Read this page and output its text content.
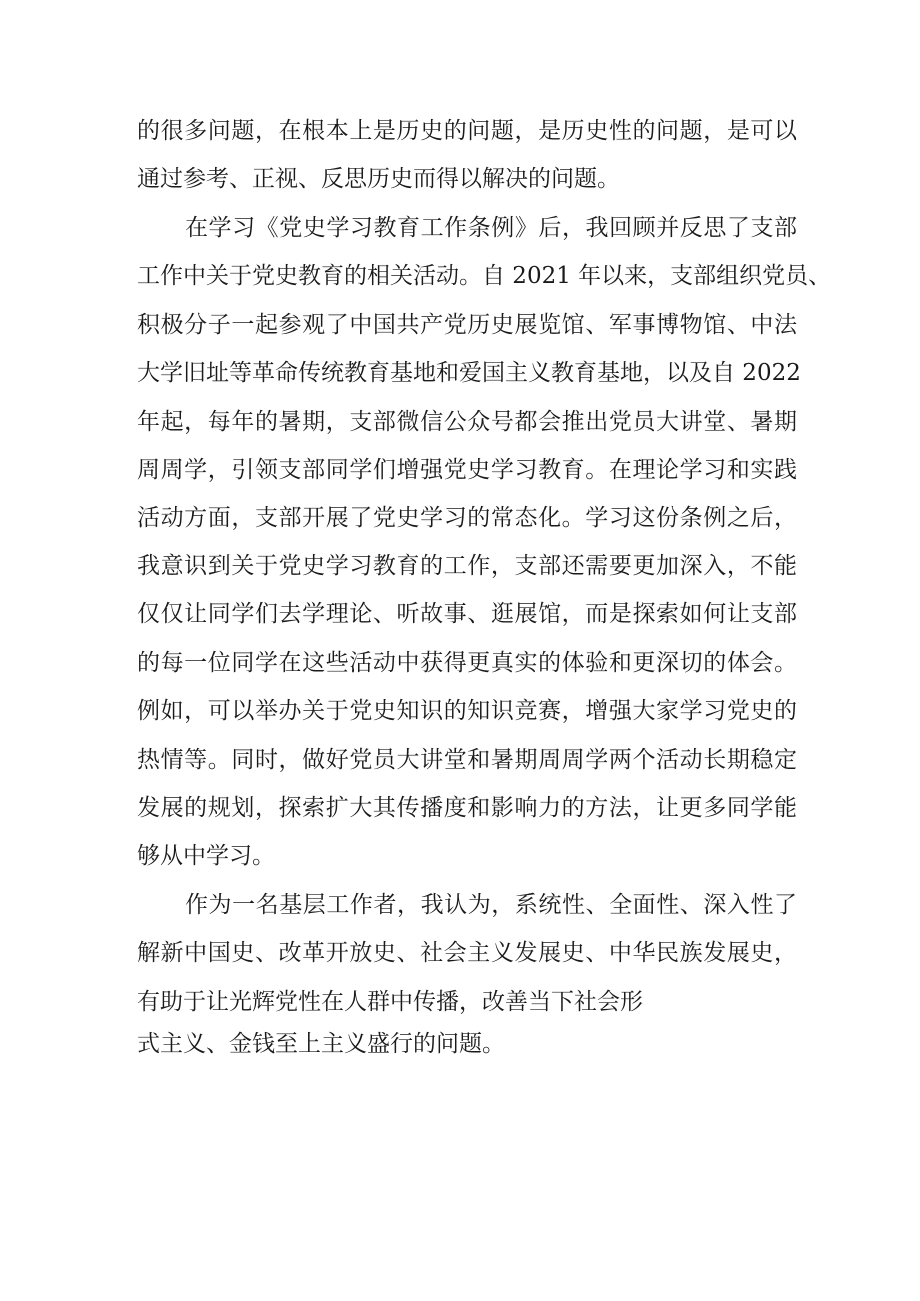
的很多问题，在根本上是历史的问题，是历史性的问题，是可以
通过参考、正视、反思历史而得以解决的问题。
在学习《党史学习教育工作条例》后，我回顾并反思了支部
工作中关于党史教育的相关活动。自 2021 年以来，支部组织党员、
积极分子一起参观了中国共产党历史展览馆、军事博物馆、中法
大学旧址等革命传统教育基地和爱国主义教育基地，以及自 2022
年起，每年的暑期，支部微信公众号都会推出党员大讲堂、暑期
周周学，引领支部同学们增强党史学习教育。在理论学习和实践
活动方面，支部开展了党史学习的常态化。学习这份条例之后，
我意识到关于党史学习教育的工作，支部还需要更加深入，不能
仅仅让同学们去学理论、听故事、逛展馆，而是探索如何让支部
的每一位同学在这些活动中获得更真实的体验和更深切的体会。
例如，可以举办关于党史知识的知识竞赛，增强大家学习党史的
热情等。同时，做好党员大讲堂和暑期周周学两个活动长期稳定
发展的规划，探索扩大其传播度和影响力的方法，让更多同学能
够从中学习。
作为一名基层工作者，我认为，系统性、全面性、深入性了
解新中国史、改革开放史、社会主义发展史、中华民族发展史，
有助于让光辉党性在人群中传播，改善当下社会形
式主义、金钱至上主义盛行的问题。
